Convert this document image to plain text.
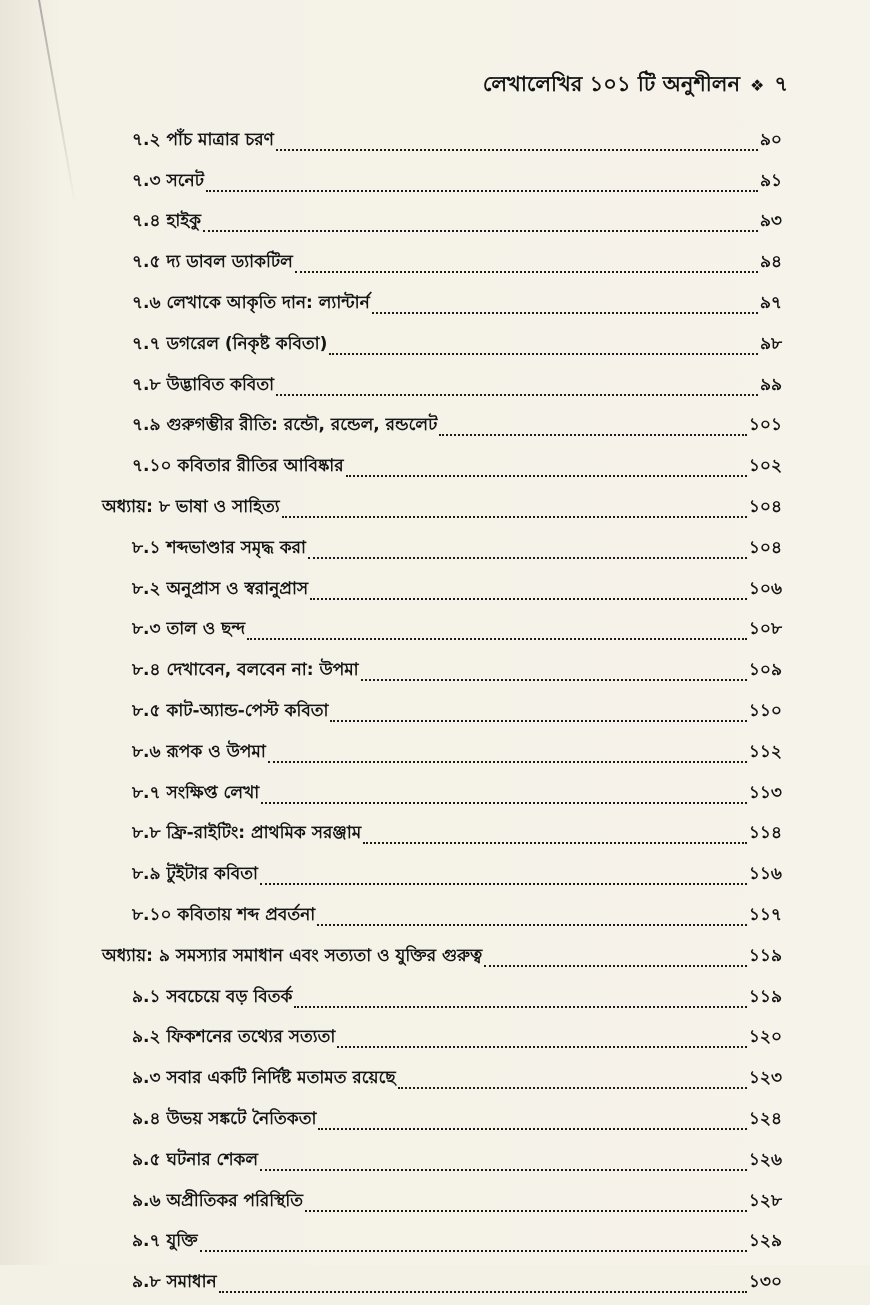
লেখালেখির ১০১ টি অনুশীলন ❖ ৭
৭.২ পাঁচ মাত্রার চরণ	৯০
৭.৩ সনেট	৯১
৭.৪ হাইকু	৯৩
৭.৫ দ্য ডাবল ড্যাকটিল	৯৪
৭.৬ লেখাকে আকৃতি দান: ল্যান্টার্ন	৯৭
৭.৭ ডগরেল (নিকৃষ্ট কবিতা)	৯৮
৭.৮ উদ্ভাবিত কবিতা	৯৯
৭.৯ গুরুগম্ভীর রীতি: রন্ডৌ, রন্ডেল, রন্ডলেট	১০১
৭.১০ কবিতার রীতির আবিষ্কার	১০২
অধ্যায়: ৮ ভাষা ও সাহিত্য	১০৪
৮.১ শব্দভাণ্ডার সমৃদ্ধ করা	১০৪
৮.২ অনুপ্রাস ও স্বরানুপ্রাস	১০৬
৮.৩ তাল ও ছন্দ	১০৮
৮.৪ দেখাবেন, বলবেন না: উপমা	১০৯
৮.৫ কাট-অ্যান্ড-পেস্ট কবিতা	১১০
৮.৬ রূপক ও উপমা	১১২
৮.৭ সংক্ষিপ্ত লেখা	১১৩
৮.৮ ফ্রি-রাইটিং: প্রাথমিক সরঞ্জাম	১১৪
৮.৯ টুইটার কবিতা	১১৬
৮.১০ কবিতায় শব্দ প্রবর্তনা	১১৭
অধ্যায়: ৯ সমস্যার সমাধান এবং সত্যতা ও যুক্তির গুরুত্ব	১১৯
৯.১ সবচেয়ে বড় বিতর্ক	১১৯
৯.২ ফিকশনের তথ্যের সত্যতা	১২০
৯.৩ সবার একটি নির্দিষ্ট মতামত রয়েছে	১২৩
৯.৪ উভয় সঙ্কটে নৈতিকতা	১২৪
৯.৫ ঘটনার শেকল	১২৬
৯.৬ অপ্রীতিকর পরিস্থিতি	১২৮
৯.৭ যুক্তি	১২৯
৯.৮ সমাধান	১৩০
